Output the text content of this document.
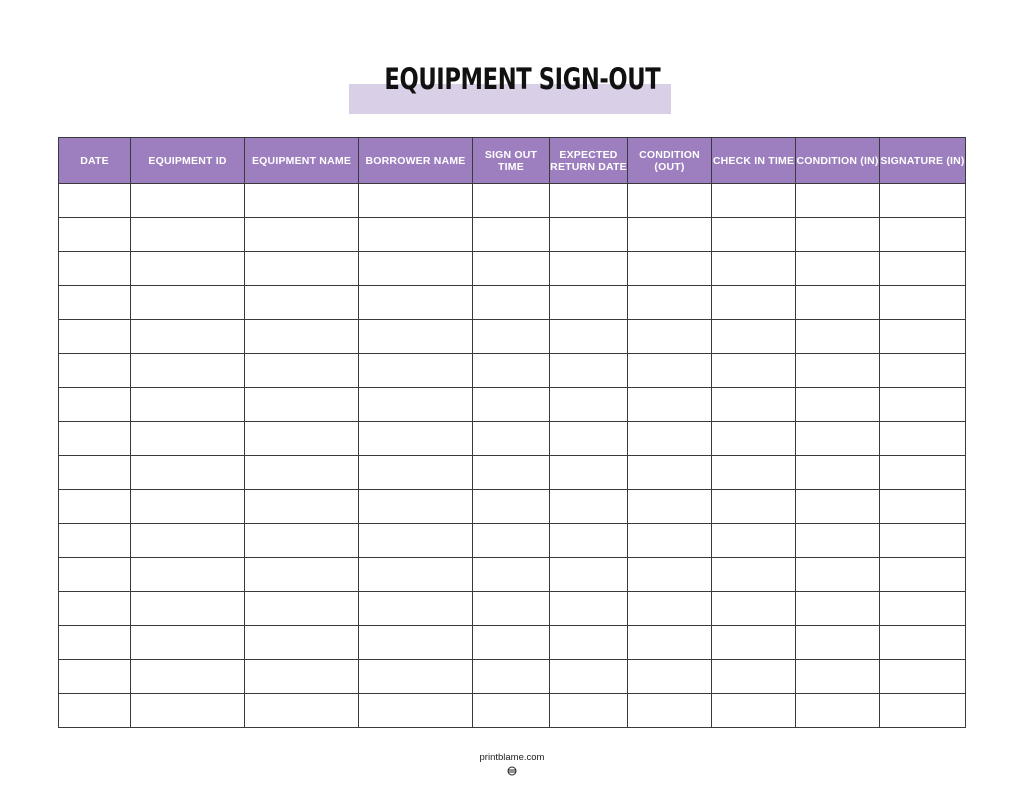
EQUIPMENT SIGN-OUT
DATE	EQUIPMENT ID	EQUIPMENT NAME	BORROWER NAME	SIGN OUT TIME	EXPECTED RETURN DATE	CONDITION (OUT)	CHECK IN TIME	CONDITION (IN)	SIGNATURE (IN)

printblame.com
